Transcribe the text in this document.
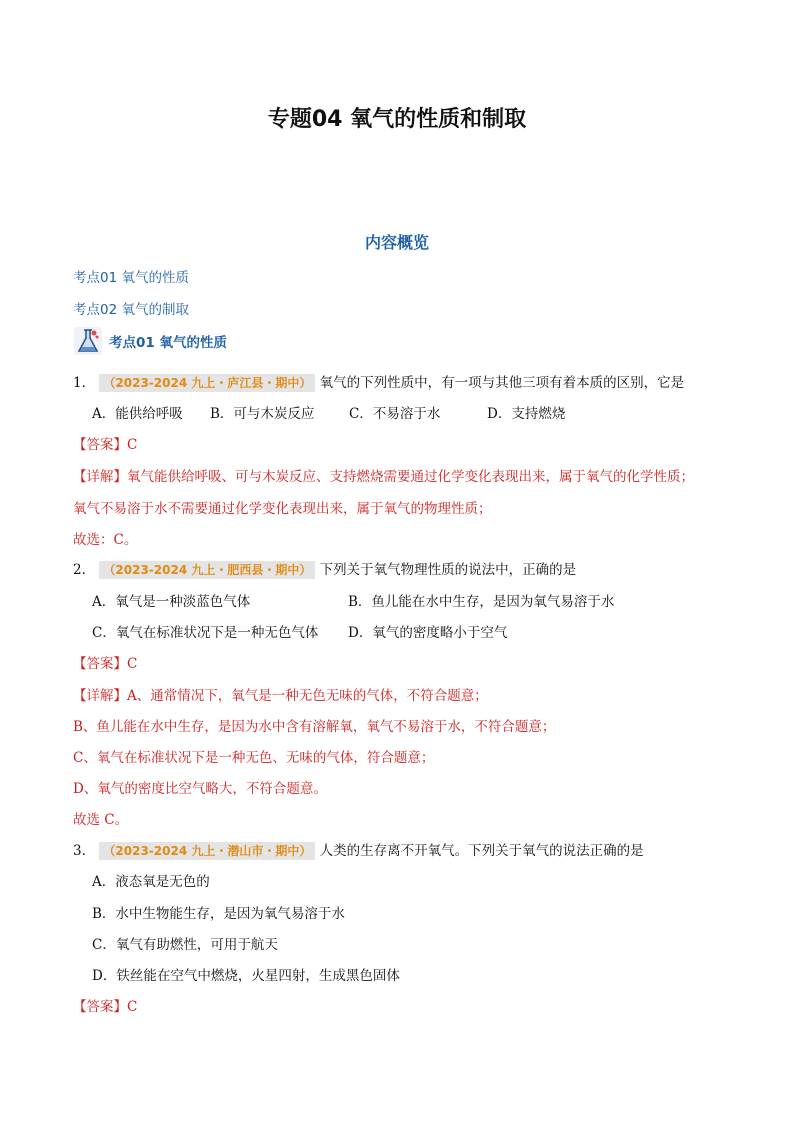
专题04 氧气的性质和制取
内容概览
考点01 氧气的性质
考点02 氧气的制取
考点01 氧气的性质
1． （2023-2024 九上・庐江县・期中） 氧气的下列性质中，有一项与其他三项有着本质的区别，它是
A．能供给呼吸 B．可与木炭反应	C．不易溶于水	D．支持燃烧
【答案】C
【详解】氧气能供给呼吸、可与木炭反应、支持燃烧需要通过化学变化表现出来，属于氧气的化学性质；
氧气不易溶于水不需要通过化学变化表现出来，属于氧气的物理性质；
故选：C。
2． （2023-2024 九上・肥西县・期中） 下列关于氧气物理性质的说法中，正确的是
A．氧气是一种淡蓝色气体	B．鱼儿能在水中生存，是因为氧气易溶于水
C．氧气在标准状况下是一种无色气体 D．氧气的密度略小于空气
【答案】C
【详解】A、通常情况下，氧气是一种无色无味的气体，不符合题意；
B、鱼儿能在水中生存，是因为水中含有溶解氧，氧气不易溶于水，不符合题意；
C、氧气在标准状况下是一种无色、无味的气体，符合题意；
D、氧气的密度比空气略大，不符合题意。
故选 C。
3． （2023-2024 九上・潜山市・期中） 人类的生存离不开氧气。下列关于氧气的说法正确的是
A．液态氧是无色的
B．水中生物能生存，是因为氧气易溶于水
C．氧气有助燃性，可用于航天
D．铁丝能在空气中燃烧，火星四射，生成黑色固体
【答案】C
